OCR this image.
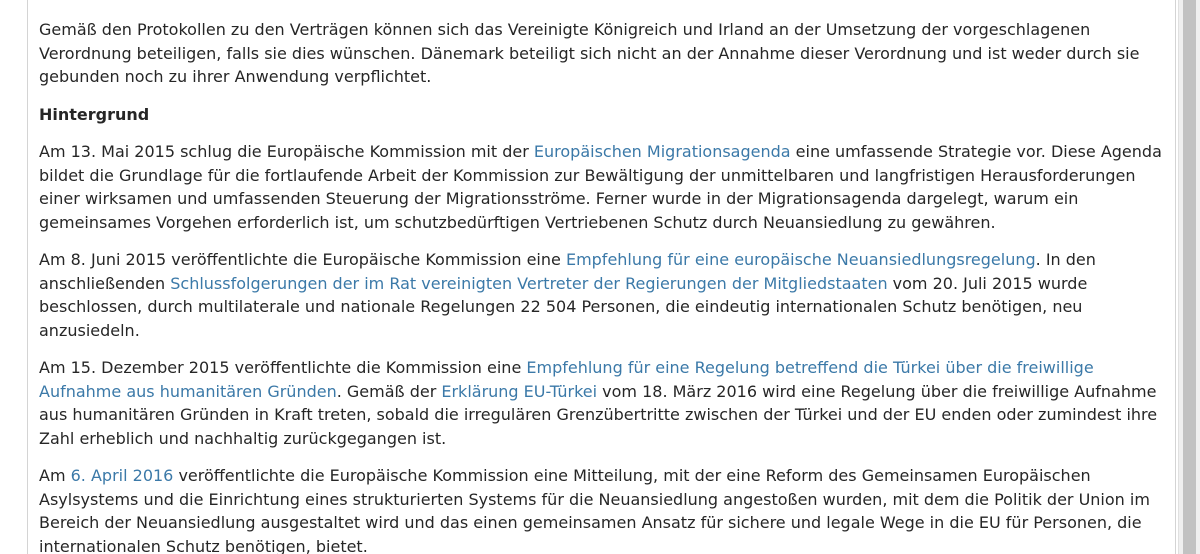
Gemäß den Protokollen zu den Verträgen können sich das Vereinigte Königreich und Irland an der Umsetzung der vorgeschlagenen Verordnung beteiligen, falls sie dies wünschen. Dänemark beteiligt sich nicht an der Annahme dieser Verordnung und ist weder durch sie gebunden noch zu ihrer Anwendung verpflichtet.

Hintergrund

Am 13. Mai 2015 schlug die Europäische Kommission mit der Europäischen Migrationsagenda eine umfassende Strategie vor. Diese Agenda bildet die Grundlage für die fortlaufende Arbeit der Kommission zur Bewältigung der unmittelbaren und langfristigen Herausforderungen einer wirksamen und umfassenden Steuerung der Migrationsströme. Ferner wurde in der Migrationsagenda dargelegt, warum ein gemeinsames Vorgehen erforderlich ist, um schutzbedürftigen Vertriebenen Schutz durch Neuansiedlung zu gewähren.

Am 8. Juni 2015 veröffentlichte die Europäische Kommission eine Empfehlung für eine europäische Neuansiedlungsregelung. In den anschließenden Schlussfolgerungen der im Rat vereinigten Vertreter der Regierungen der Mitgliedstaaten vom 20. Juli 2015 wurde beschlossen, durch multilaterale und nationale Regelungen 22 504 Personen, die eindeutig internationalen Schutz benötigen, neu anzusiedeln.

Am 15. Dezember 2015 veröffentlichte die Kommission eine Empfehlung für eine Regelung betreffend die Türkei über die freiwillige Aufnahme aus humanitären Gründen. Gemäß der Erklärung EU-Türkei vom 18. März 2016 wird eine Regelung über die freiwillige Aufnahme aus humanitären Gründen in Kraft treten, sobald die irregulären Grenzübertritte zwischen der Türkei und der EU enden oder zumindest ihre Zahl erheblich und nachhaltig zurückgegangen ist.

Am 6. April 2016 veröffentlichte die Europäische Kommission eine Mitteilung, mit der eine Reform des Gemeinsamen Europäischen Asylsystems und die Einrichtung eines strukturierten Systems für die Neuansiedlung angestoßen wurden, mit dem die Politik der Union im Bereich der Neuansiedlung ausgestaltet wird und das einen gemeinsamen Ansatz für sichere und legale Wege in die EU für Personen, die internationalen Schutz benötigen, bietet.
